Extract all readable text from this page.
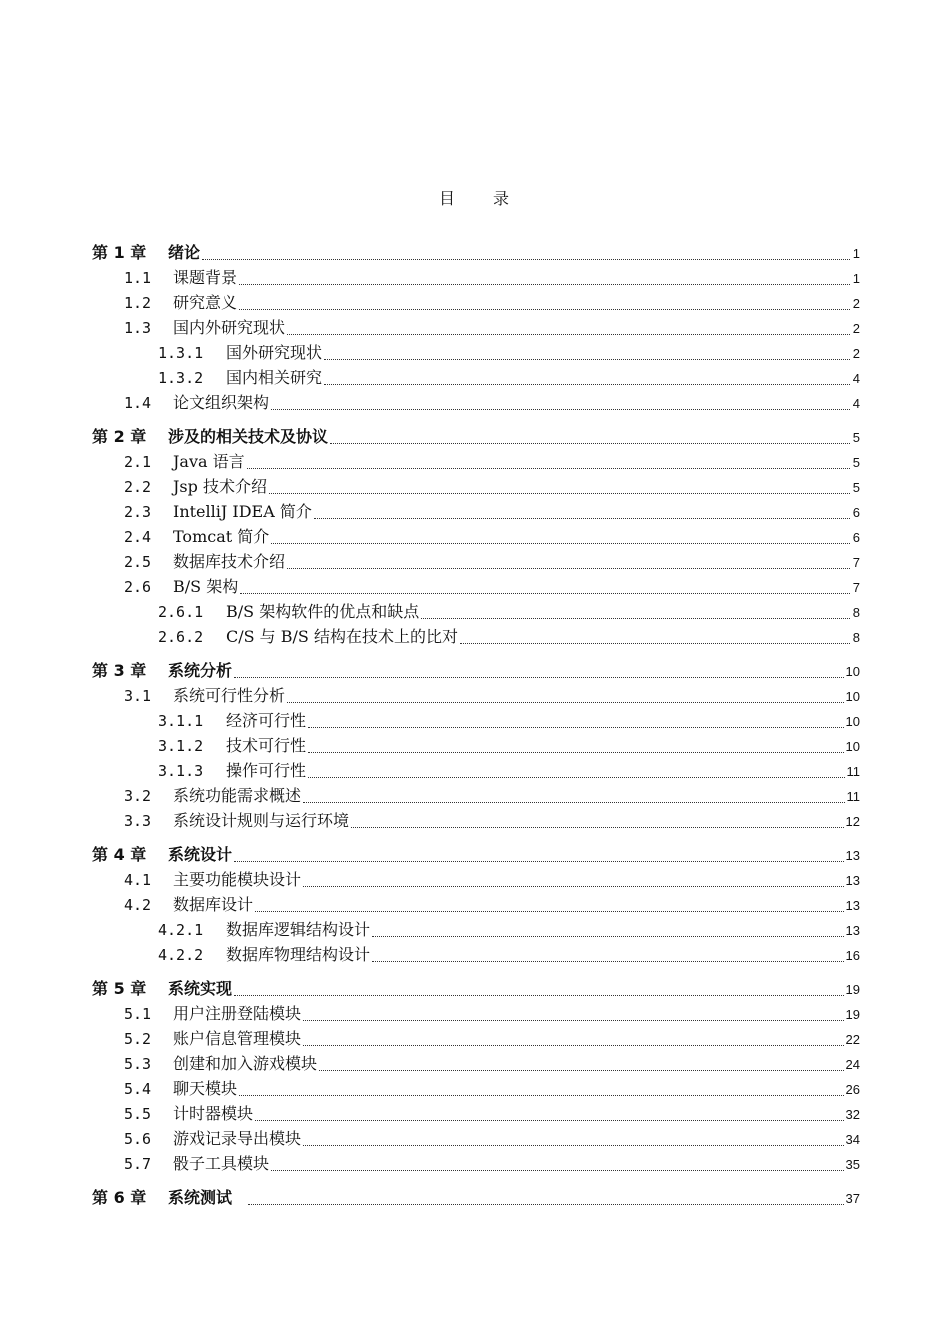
目 录
第 1 章	绪论	1
1.1	课题背景	1
1.2	研究意义	2
1.3	国内外研究现状	2
1.3.1	国外研究现状	2
1.3.2	国内相关研究	4
1.4	论文组织架构	4
第 2 章	涉及的相关技术及协议	5
2.1	Java 语言	5
2.2	Jsp 技术介绍	5
2.3	IntelliJ IDEA 简介	6
2.4	Tomcat 简介	6
2.5	数据库技术介绍	7
2.6	B/S 架构	7
2.6.1	B/S 架构软件的优点和缺点	8
2.6.2	C/S 与 B/S 结构在技术上的比对	8
第 3 章	系统分析	10
3.1	系统可行性分析	10
3.1.1	经济可行性	10
3.1.2	技术可行性	10
3.1.3	操作可行性	11
3.2	系统功能需求概述	11
3.3	系统设计规则与运行环境	12
第 4 章	系统设计	13
4.1	主要功能模块设计	13
4.2	数据库设计	13
4.2.1	数据库逻辑结构设计	13
4.2.2	数据库物理结构设计	16
第 5 章	系统实现	19
5.1	用户注册登陆模块	19
5.2	账户信息管理模块	22
5.3	创建和加入游戏模块	24
5.4	聊天模块	26
5.5	计时器模块	32
5.6	游戏记录导出模块	34
5.7	骰子工具模块	35
第 6 章	系统测试	37
